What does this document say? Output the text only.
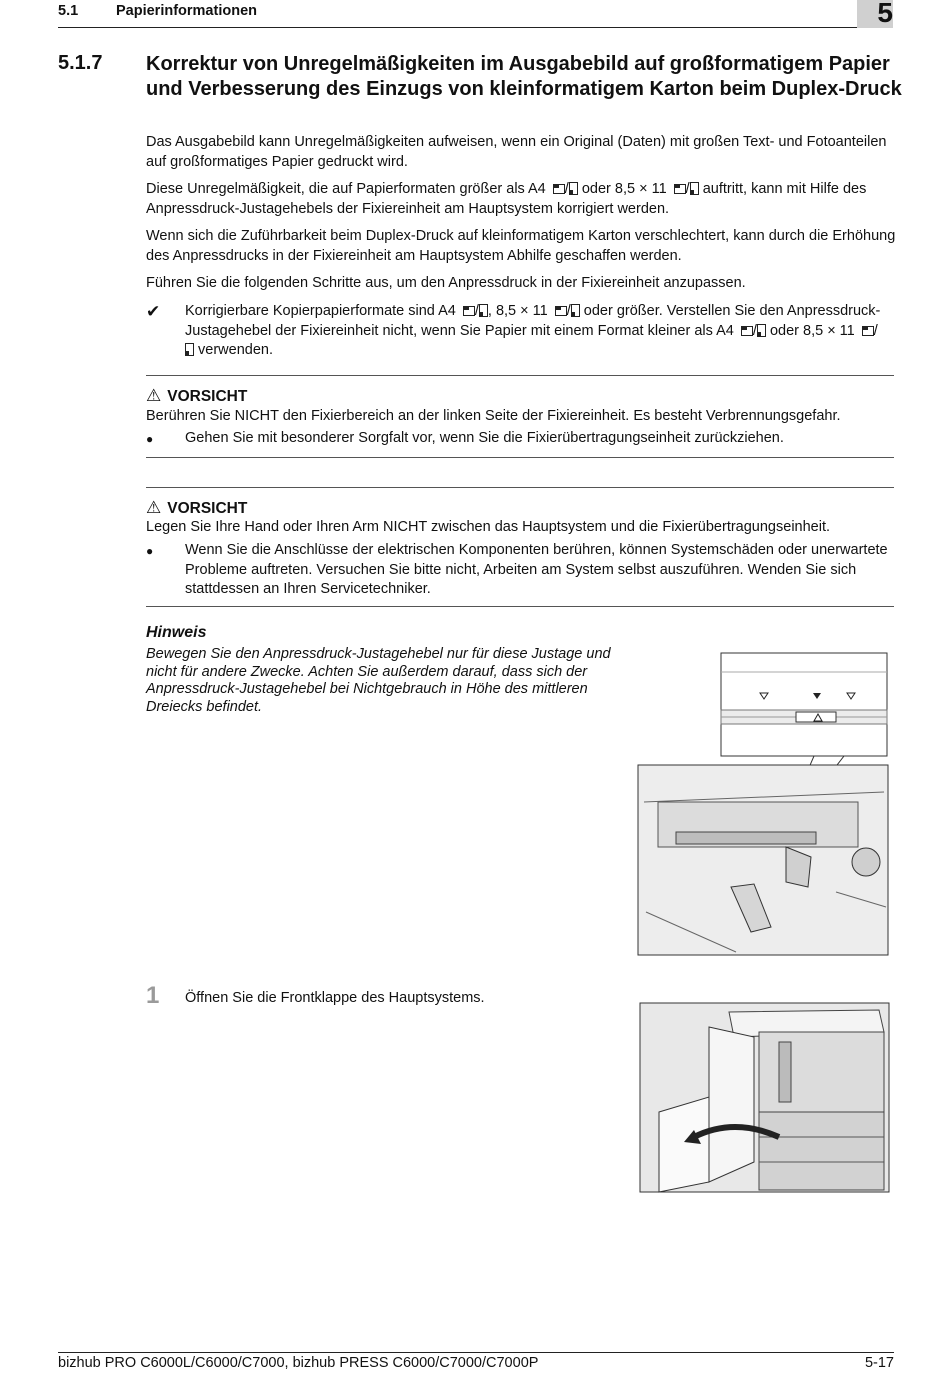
5.1	Papierinformationen	5
5.1.7 Korrektur von Unregelmäßigkeiten im Ausgabebild auf großformatigem Papier und Verbesserung des Einzugs von kleinformatigem Karton beim Duplex-Druck
Das Ausgabebild kann Unregelmäßigkeiten aufweisen, wenn ein Original (Daten) mit großen Text- und Fotoanteilen auf großformatiges Papier gedruckt wird.
Diese Unregelmäßigkeit, die auf Papierformaten größer als A4 / oder 8,5 × 11 / auftritt, kann mit Hilfe des Anpressdruck-Justagehebels der Fixiereinheit am Hauptsystem korrigiert werden.
Wenn sich die Zuführbarkeit beim Duplex-Druck auf kleinformatigem Karton verschlechtert, kann durch die Erhöhung des Anpressdrucks in der Fixiereinheit am Hauptsystem Abhilfe geschaffen werden.
Führen Sie die folgenden Schritte aus, um den Anpressdruck in der Fixiereinheit anzupassen.
✔ Korrigierbare Kopierpapierformate sind A4 / , 8,5 × 11 / oder größer. Verstellen Sie den Anpressdruck-Justagehebel der Fixiereinheit nicht, wenn Sie Papier mit einem Format kleiner als A4 / oder 8,5 × 11 / verwenden.
⚠ VORSICHT
Berühren Sie NICHT den Fixierbereich an der linken Seite der Fixiereinheit. Es besteht Verbrennungsgefahr.
● Gehen Sie mit besonderer Sorgfalt vor, wenn Sie die Fixierübertragungseinheit zurückziehen.
⚠ VORSICHT
Legen Sie Ihre Hand oder Ihren Arm NICHT zwischen das Hauptsystem und die Fixierübertragungseinheit.
● Wenn Sie die Anschlüsse der elektrischen Komponenten berühren, können Systemschäden oder unerwartete Probleme auftreten. Versuchen Sie bitte nicht, Arbeiten am System selbst auszuführen. Wenden Sie sich stattdessen an Ihren Servicetechniker.
Hinweis
Bewegen Sie den Anpressdruck-Justagehebel nur für diese Justage und nicht für andere Zwecke. Achten Sie außerdem darauf, dass sich der Anpressdruck-Justagehebel bei Nichtgebrauch in Höhe des mittleren Dreiecks befindet.
1 Öffnen Sie die Frontklappe des Hauptsystems.
bizhub PRO C6000L/C6000/C7000, bizhub PRESS C6000/C7000/C7000P	5-17
